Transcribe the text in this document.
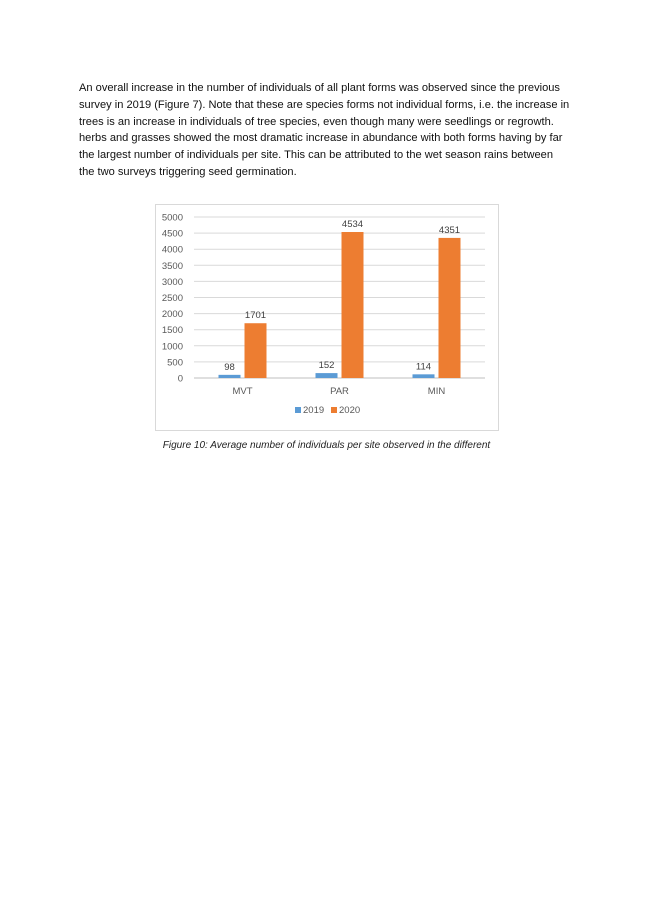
An overall increase in the number of individuals of all plant forms was observed since the previous
survey in 2019 (Figure 7). Note that these are species forms not individual forms, i.e. the increase in
trees is an increase in individuals of tree species, even though many were seedlings or regrowth.
herbs and grasses showed the most dramatic increase in abundance with both forms having by far
the largest number of individuals per site. This can be attributed to the wet season rains between
the two surveys triggering seed germination.

0
500
1000
1500
2000
2500
3000
3500
4000
4500
5000
98
1701
MVT
152
4534
PAR
114
4351
MIN
2019 2020
Figure 10: Average number of individuals per site observed in the different
